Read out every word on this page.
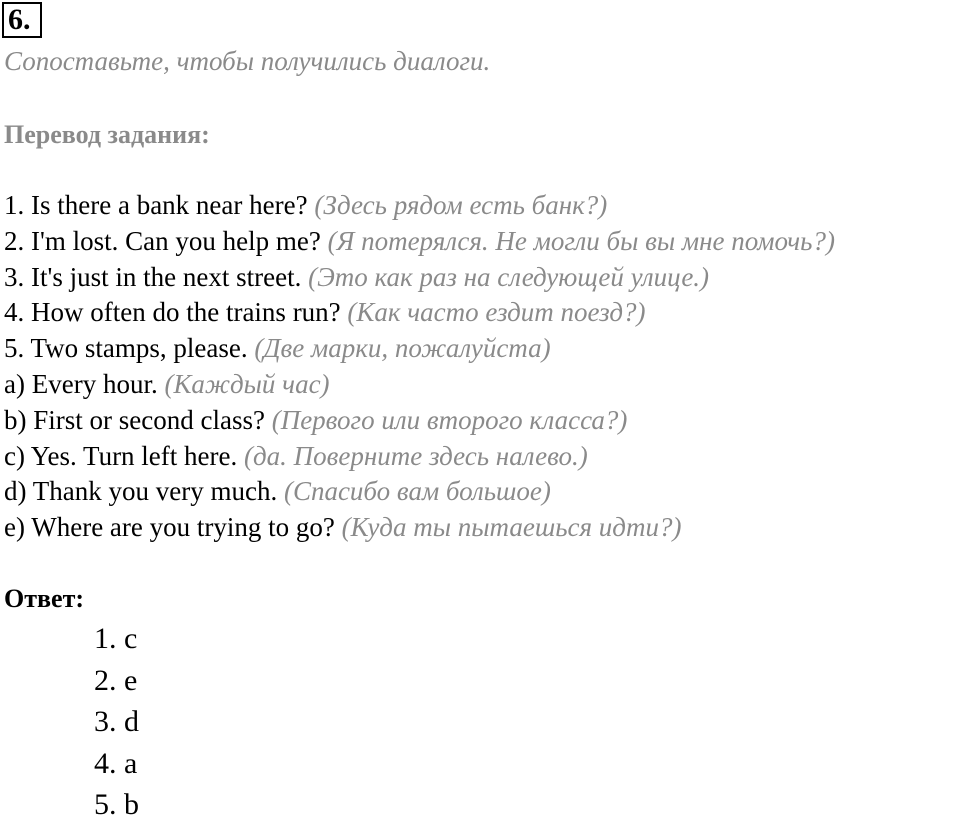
6.
Сопоставьте, чтобы получились диалоги.
Перевод задания:
1. Is there a bank near here? (Здесь рядом есть банк?)
2. I'm lost. Can you help me? (Я потерялся. Не могли бы вы мне помочь?)
3. It's just in the next street. (Это как раз на следующей улице.)
4. How often do the trains run? (Как часто ездит поезд?)
5. Two stamps, please. (Две марки, пожалуйста)
a) Every hour. (Каждый час)
b) First or second class? (Первого или второго класса?)
c) Yes. Turn left here. (да. Поверните здесь налево.)
d) Thank you very much. (Спасибо вам большое)
e) Where are you trying to go? (Куда ты пытаешься идти?)
Ответ:
1. c
2. e
3. d
4. a
5. b
